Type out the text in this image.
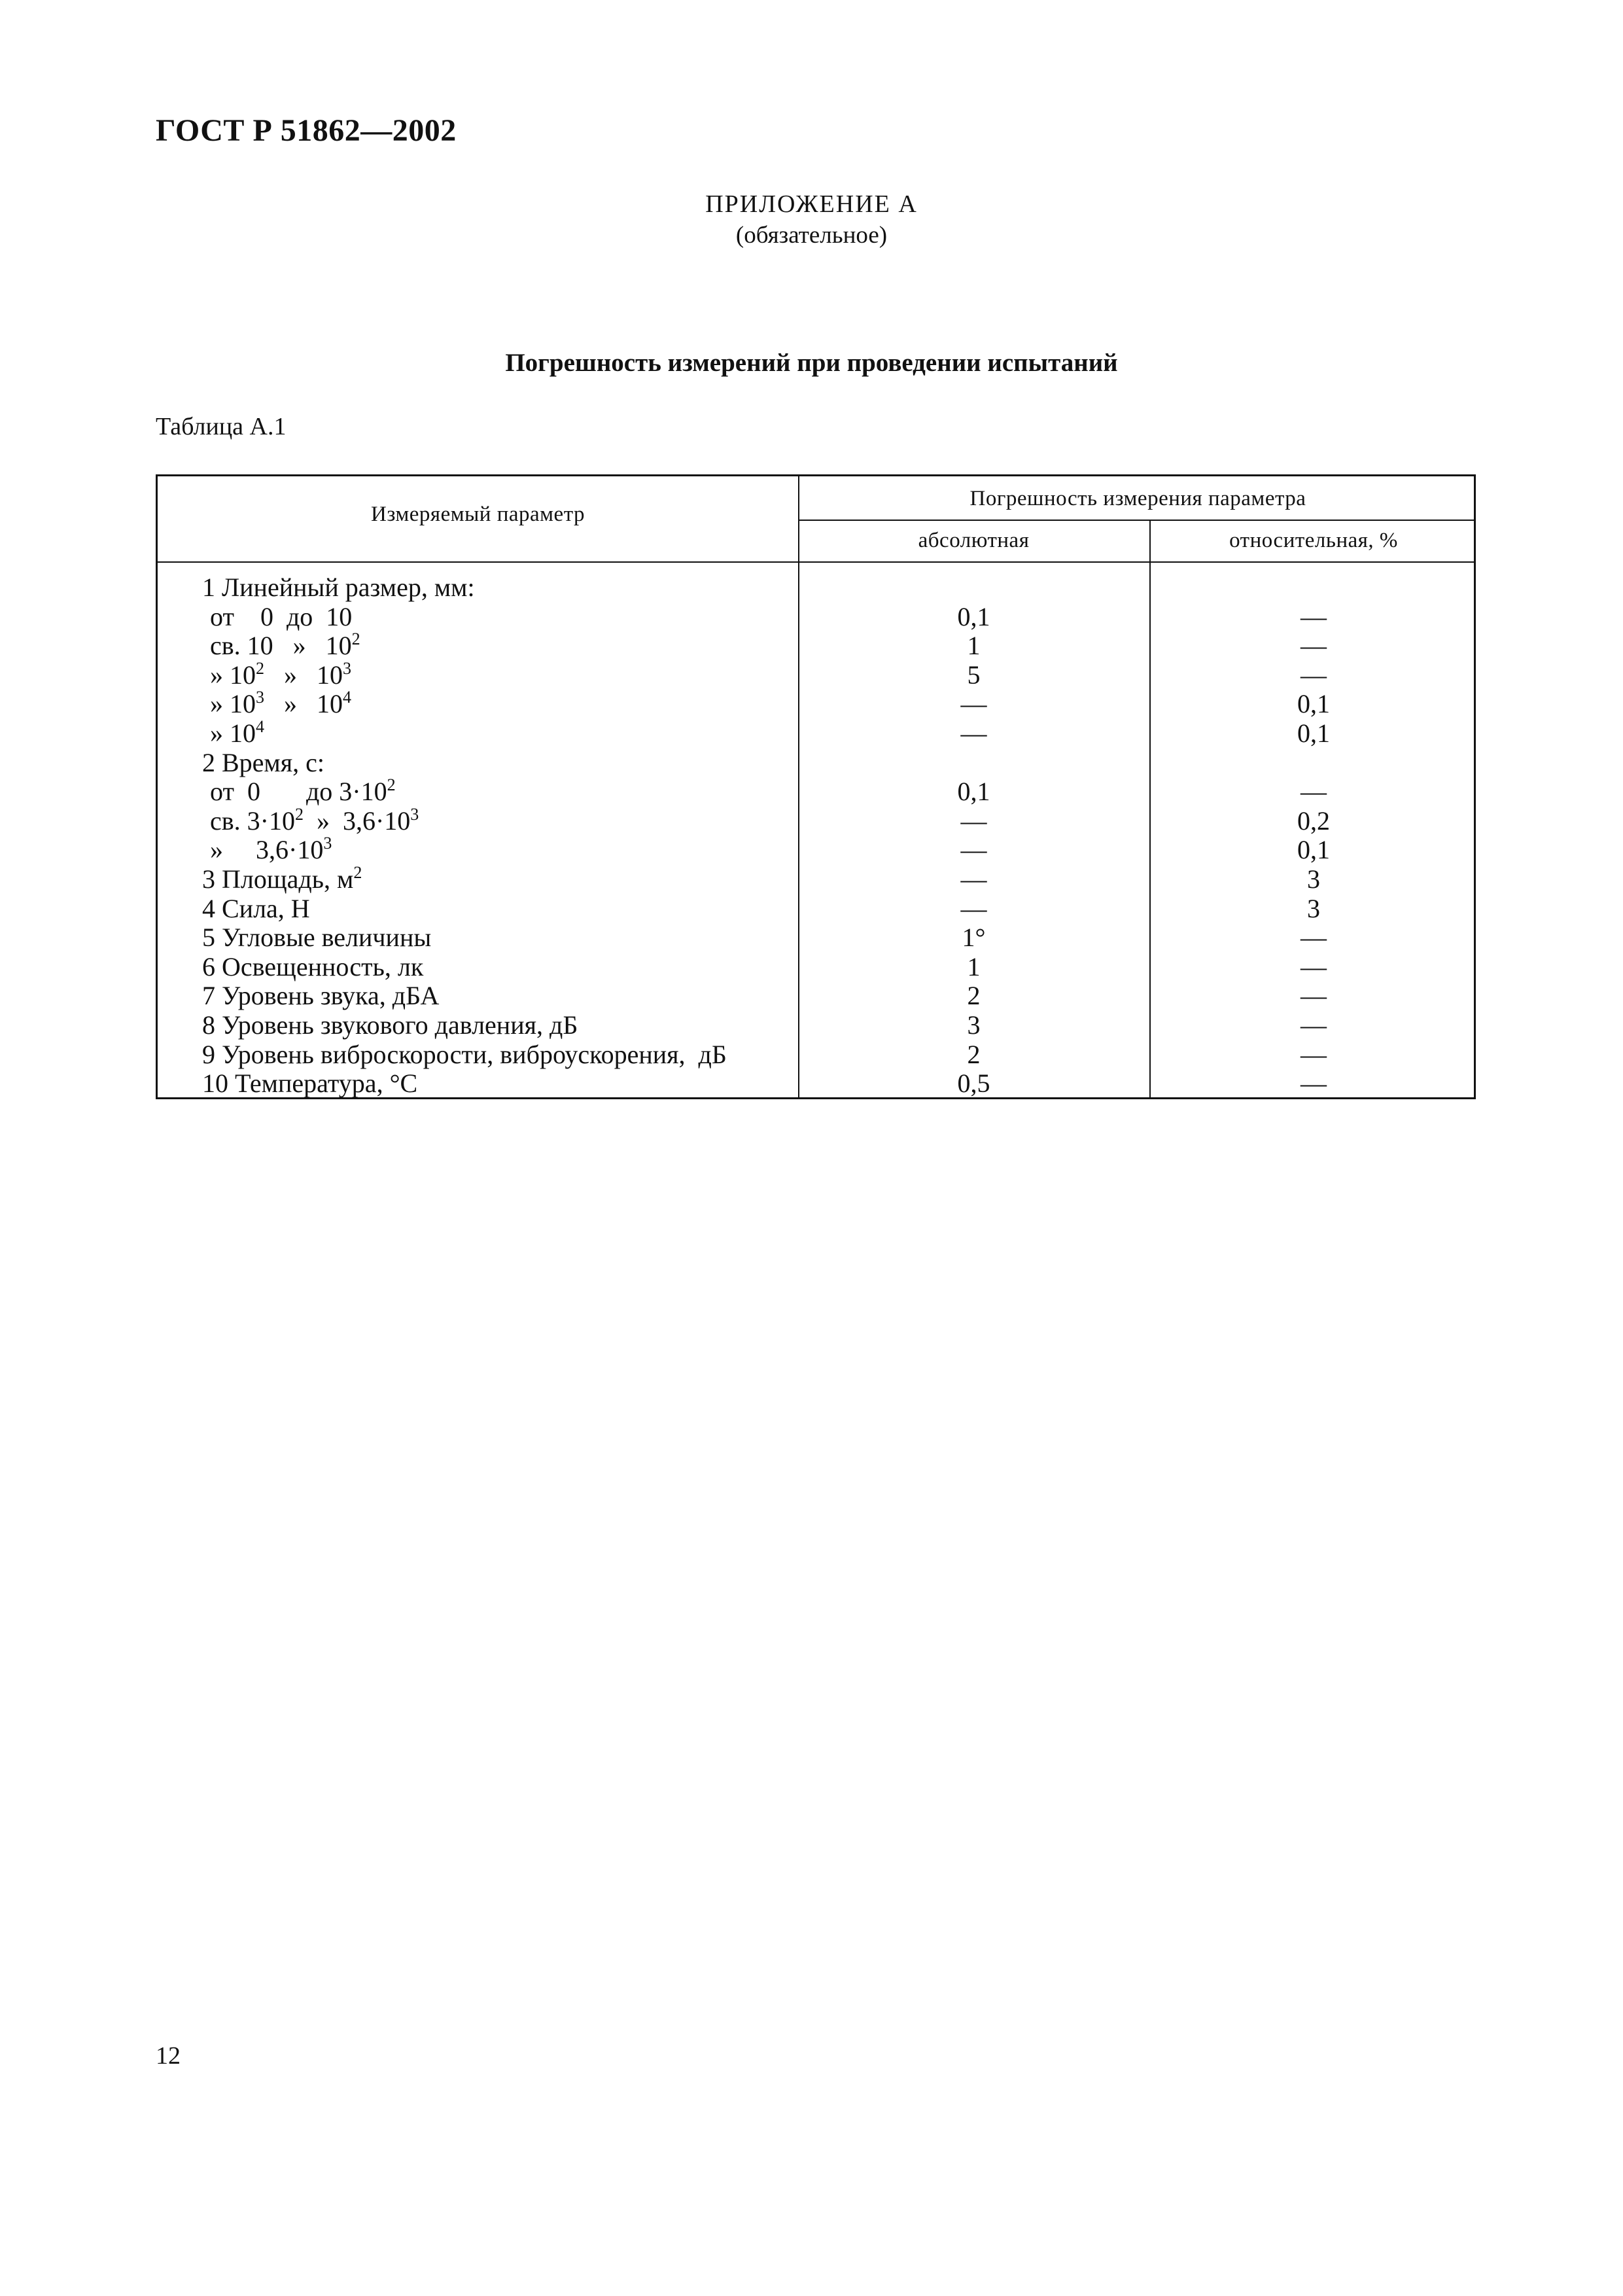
ГОСТ Р 51862—2002
ПРИЛОЖЕНИЕ А
(обязательное)
Погрешность измерений при проведении испытаний
Таблица А.1
Измеряемый параметр
Погрешность измерения параметра
абсолютная	относительная, %
1 Линейный размер, мм:
от    0  до  10	0,1	—
св. 10   »   $10^2$	1	—
» $10^2$   »   $10^3$	5	—
» $10^3$   »   $10^4$	—	0,1
» $10^4$	—	0,1
2 Время, с:
от  0       до $3\cdot 10^2$	0,1	—
св. $3\cdot 10^2$  »  $3,6\cdot 10^3$	—	0,2
»     $3,6\cdot 10^3$	—	0,1
3 Площадь, $м^2$	—	3
4 Сила, Н	—	3
5 Угловые величины	1°	—
6 Освещенность, лк	1	—
7 Уровень звука, дБА	2	—
8 Уровень звукового давления, дБ	3	—
9 Уровень виброскорости, виброускорения,  дБ	2	—
10 Температура, °С	0,5	—
12
